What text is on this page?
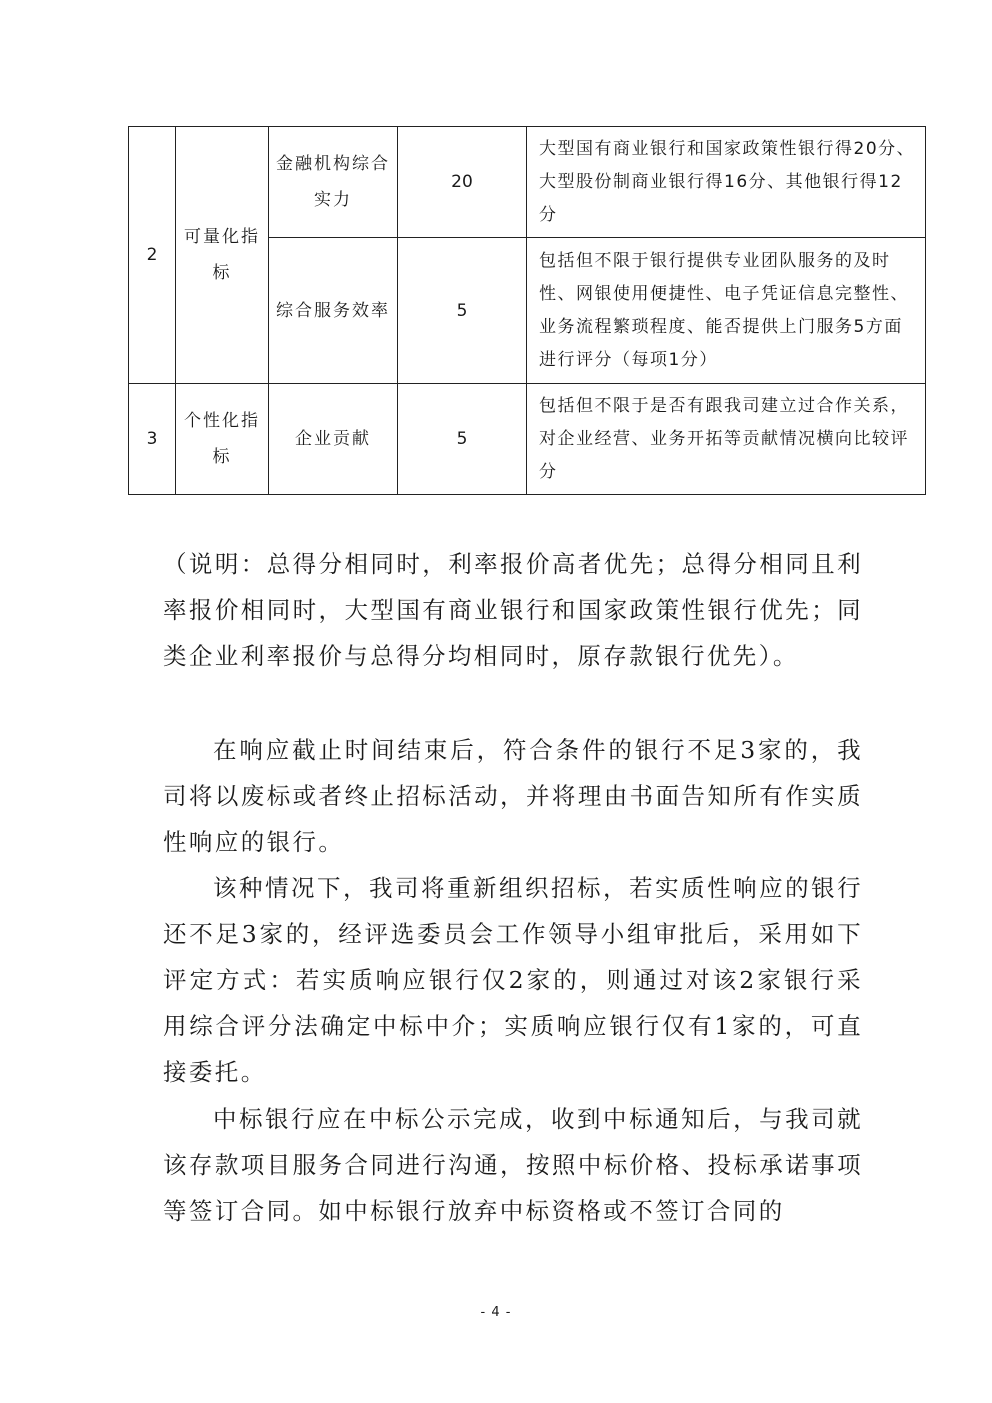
2	可量化指标	金融机构综合实力	20	大型国有商业银行和国家政策性银行得20分、大型股份制商业银行得16分、其他银行得12分
		综合服务效率	5	包括但不限于银行提供专业团队服务的及时性、网银使用便捷性、电子凭证信息完整性、业务流程繁琐程度、能否提供上门服务5方面进行评分（每项1分）
3	个性化指标	企业贡献	5	包括但不限于是否有跟我司建立过合作关系，对企业经营、业务开拓等贡献情况横向比较评分

（说明：总得分相同时，利率报价高者优先；总得分相同且利率报价相同时，大型国有商业银行和国家政策性银行优先；同类企业利率报价与总得分均相同时，原存款银行优先）。

在响应截止时间结束后，符合条件的银行不足3家的，我司将以废标或者终止招标活动，并将理由书面告知所有作实质性响应的银行。

该种情况下，我司将重新组织招标，若实质性响应的银行还不足3家的，经评选委员会工作领导小组审批后，采用如下评定方式：若实质响应银行仅2家的，则通过对该2家银行采用综合评分法确定中标中介；实质响应银行仅有1家的，可直接委托。

中标银行应在中标公示完成，收到中标通知后，与我司就该存款项目服务合同进行沟通，按照中标价格、投标承诺事项等签订合同。如中标银行放弃中标资格或不签订合同的

- 4 -
